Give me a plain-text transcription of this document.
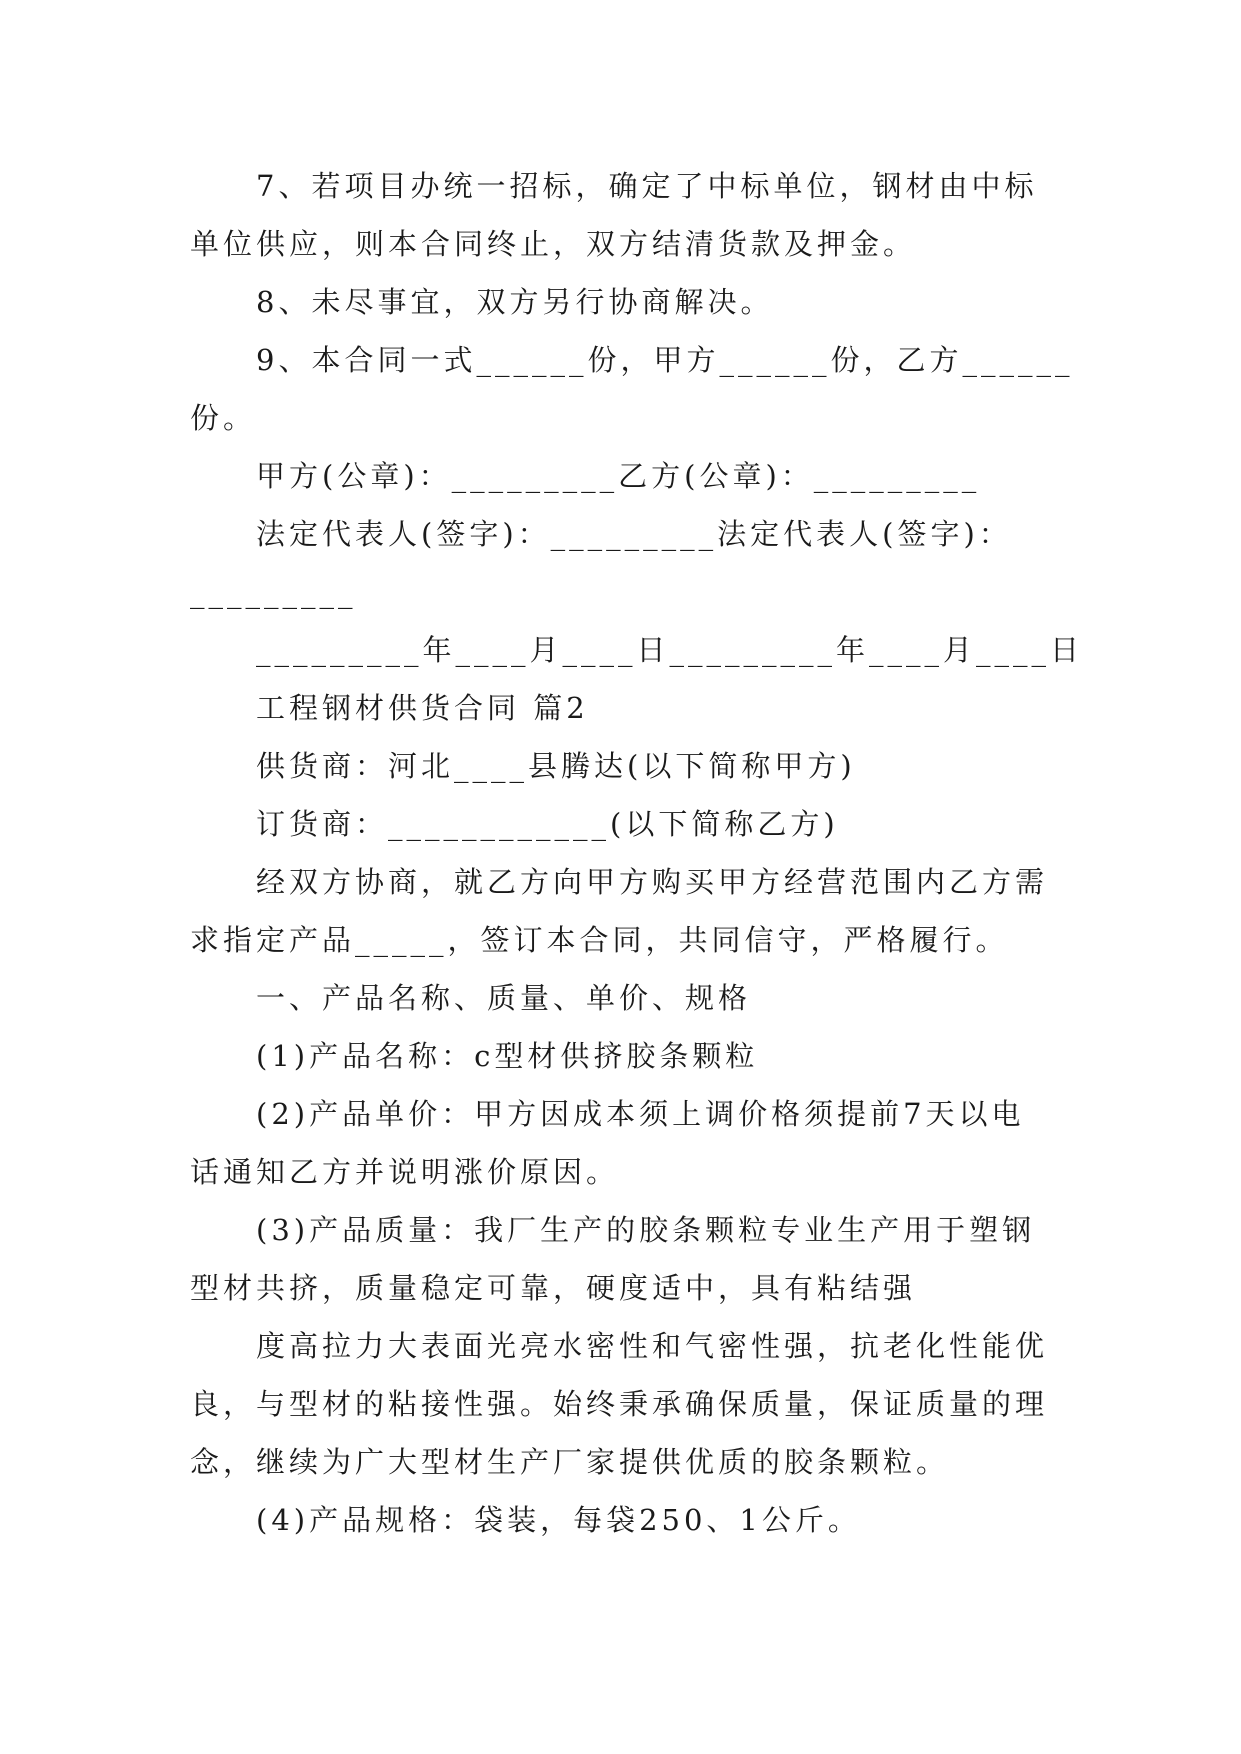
7、若项目办统一招标，确定了中标单位，钢材由中标
单位供应，则本合同终止，双方结清货款及押金。
8、未尽事宜，双方另行协商解决。
9、本合同一式______份，甲方______份，乙方______
份。
甲方(公章)：_________乙方(公章)：_________
法定代表人(签字)：_________法定代表人(签字)：
_________
_________年____月____日_________年____月____日
工程钢材供货合同 篇2
供货商：河北____县腾达(以下简称甲方)
订货商：____________(以下简称乙方)
经双方协商，就乙方向甲方购买甲方经营范围内乙方需
求指定产品_____，签订本合同，共同信守，严格履行。
一、产品名称、质量、单价、规格
(1)产品名称：c型材供挤胶条颗粒
(2)产品单价：甲方因成本须上调价格须提前7天以电
话通知乙方并说明涨价原因。
(3)产品质量：我厂生产的胶条颗粒专业生产用于塑钢
型材共挤，质量稳定可靠，硬度适中，具有粘结强
度高拉力大表面光亮水密性和气密性强，抗老化性能优
良，与型材的粘接性强。始终秉承确保质量，保证质量的理
念，继续为广大型材生产厂家提供优质的胶条颗粒。
(4)产品规格：袋装，每袋250、1公斤。
